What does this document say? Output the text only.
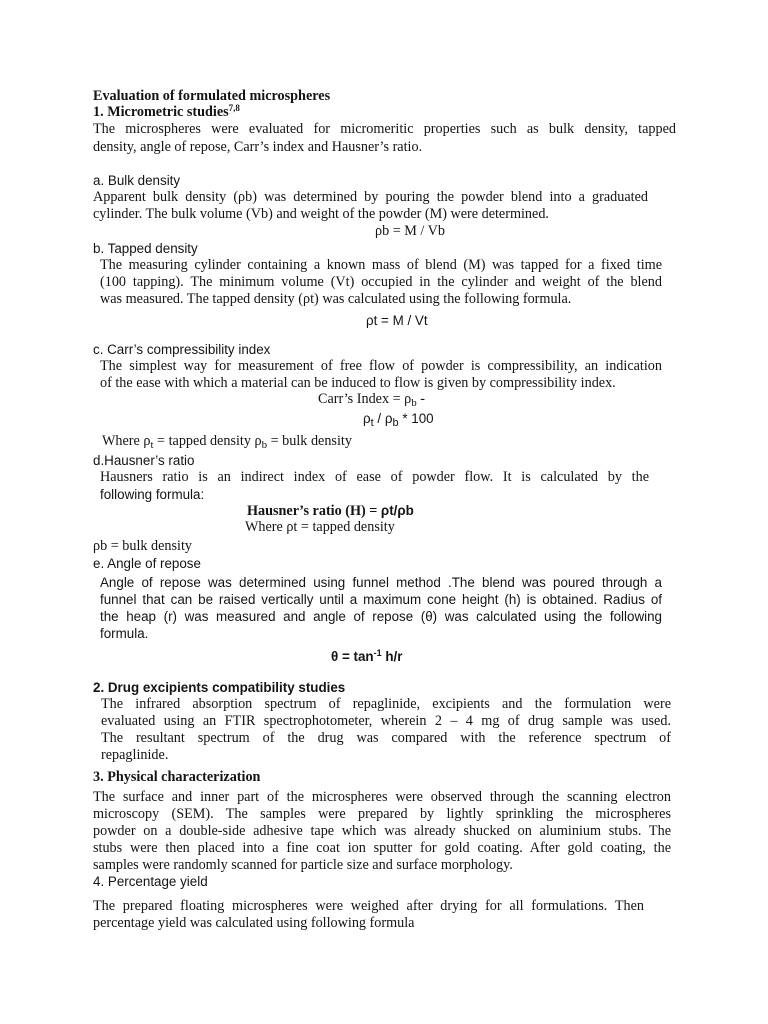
Evaluation of formulated microspheres
1. Micrometric studies$^{7,8}$
The microspheres were evaluated for micromeritic properties such as bulk density, tapped
density, angle of repose, Carr’s index and Hausner’s ratio.
a. Bulk density
Apparent bulk density (ρb) was determined by pouring the powder blend into a graduated
cylinder. The bulk volume (Vb) and weight of the powder (M) were determined.
ρb = M / Vb
b. Tapped density
The measuring cylinder containing a known mass of blend (M) was tapped for a fixed time
(100 tapping). The minimum volume (Vt) occupied in the cylinder and weight of the blend
was measured. The tapped density (ρt) was calculated using the following formula.
ρt = M / Vt
c. Carr’s compressibility index
The simplest way for measurement of free flow of powder is compressibility, an indication
of the ease with which a material can be induced to flow is given by compressibility index.
Carr’s Index = $\rho_b$ -
$\rho_t / \rho_b * 100$
Where $\rho_t$ = tapped density $\rho_b$ = bulk density
d.Hausner’s ratio
Hausners ratio is an indirect index of ease of powder flow. It is calculated by the
following formula:
Hausner’s ratio (H) = ρt/ρb
Where ρt = tapped density
ρb = bulk density
e. Angle of repose
Angle of repose was determined using funnel method .The blend was poured through a
funnel that can be raised vertically until a maximum cone height (h) is obtained. Radius of
the heap (r) was measured and angle of repose (θ) was calculated using the following
formula.
$\theta = \tan^{-1} h/r$
2. Drug excipients compatibility studies
The infrared absorption spectrum of repaglinide, excipients and the formulation were
evaluated using an FTIR spectrophotometer, wherein 2 – 4 mg of drug sample was used.
The resultant spectrum of the drug was compared with the reference spectrum of
repaglinide.
3. Physical characterization
The surface and inner part of the microspheres were observed through the scanning electron
microscopy (SEM). The samples were prepared by lightly sprinkling the microspheres
powder on a double-side adhesive tape which was already shucked on aluminium stubs. The
stubs were then placed into a fine coat ion sputter for gold coating. After gold coating, the
samples were randomly scanned for particle size and surface morphology.
4. Percentage yield
The prepared floating microspheres were weighed after drying for all formulations. Then
percentage yield was calculated using following formula
